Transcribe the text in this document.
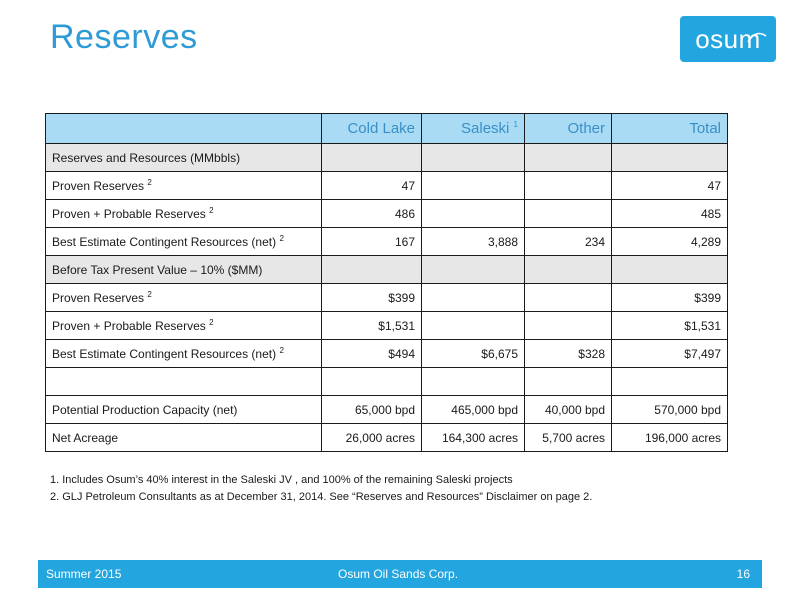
Reserves	osum
	Cold Lake	Saleski $^1$	Other	Total
Reserves and Resources (MMbbls)				
Proven Reserves $^2$	47			47
Proven + Probable Reserves $^2$	486			485
Best Estimate Contingent Resources (net) $^2$	167	3,888	234	4,289
Before Tax Present Value – 10% ($MM)				
Proven Reserves $^2$	$399			$399
Proven + Probable Reserves $^2$	$1,531			$1,531
Best Estimate Contingent Resources (net) $^2$	$494	$6,675	$328	$7,497

Potential Production Capacity (net)	65,000 bpd	465,000 bpd	40,000 bpd	570,000 bpd
Net Acreage	26,000 acres	164,300 acres	5,700 acres	196,000 acres
1. Includes Osum’s 40% interest in the Saleski JV , and 100% of the remaining Saleski projects
2. GLJ Petroleum Consultants as at December 31, 2014. See “Reserves and Resources” Disclaimer on page 2.
Summer 2015	Osum Oil Sands Corp.	16
